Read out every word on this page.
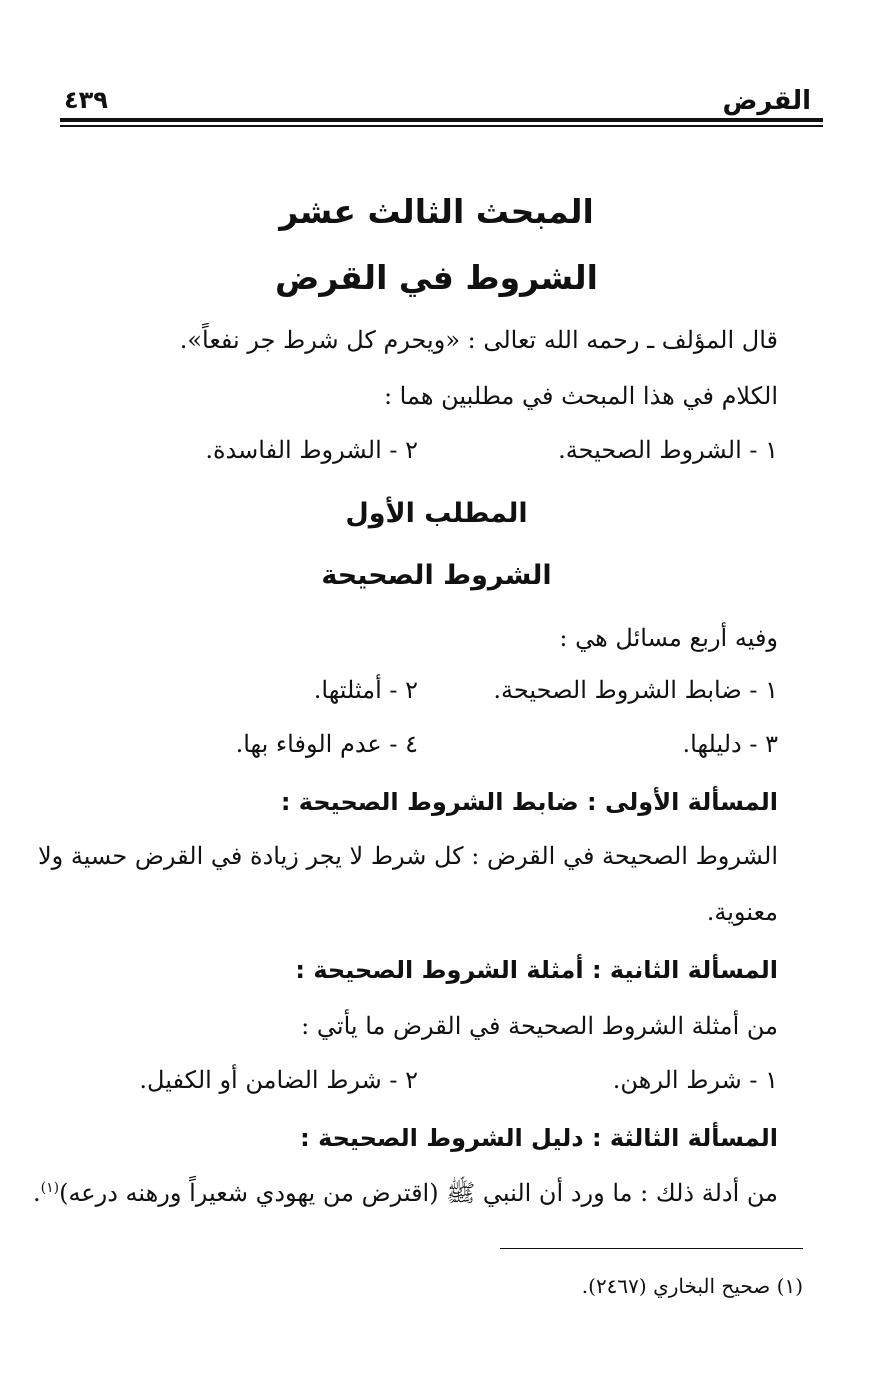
القرض
٤٣٩
المبحث الثالث عشر
الشروط في القرض
قال المؤلف ـ رحمه الله تعالى : «ويحرم كل شرط جر نفعاً».
الكلام في هذا المبحث في مطلبين هما :
١ - الشروط الصحيحة.
٢ - الشروط الفاسدة.
المطلب الأول
الشروط الصحيحة
وفيه أربع مسائل هي :
١ - ضابط الشروط الصحيحة.
٢ - أمثلتها.
٣ - دليلها.
٤ - عدم الوفاء بها.
المسألة الأولى : ضابط الشروط الصحيحة :
الشروط الصحيحة في القرض : كل شرط لا يجر زيادة في القرض حسية ولا
معنوية.
المسألة الثانية : أمثلة الشروط الصحيحة :
من أمثلة الشروط الصحيحة في القرض ما يأتي :
١ - شرط الرهن.
٢ - شرط الضامن أو الكفيل.
المسألة الثالثة : دليل الشروط الصحيحة :
من أدلة ذلك : ما ورد أن النبي ﷺ (اقترض من يهودي شعيراً ورهنه درعه)$^{(١)}$.
(١) صحيح البخاري (٢٤٦٧).
